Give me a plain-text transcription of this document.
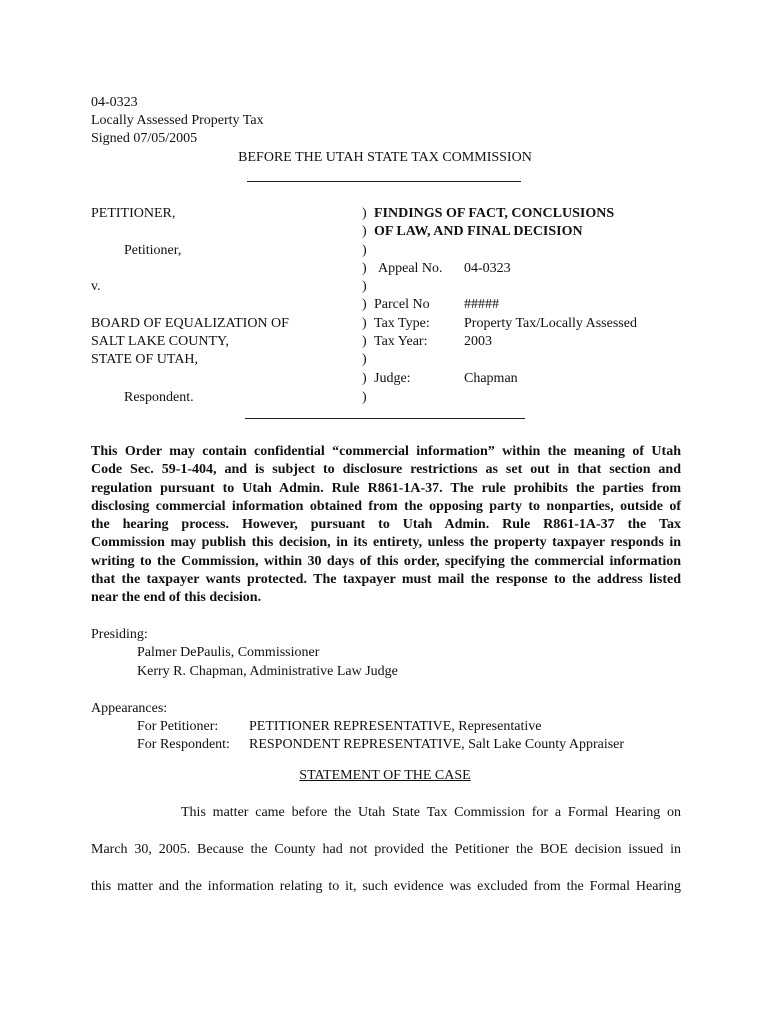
04-0323
Locally Assessed Property Tax
Signed 07/05/2005
BEFORE THE UTAH STATE TAX COMMISSION
PETITIONER,
Petitioner,
v.
BOARD OF EQUALIZATION OF
SALT LAKE COUNTY,
STATE OF UTAH,
Respondent.
)
)
)
)
)
)
)
)
)
)
)
FINDINGS OF FACT, CONCLUSIONS
OF LAW, AND FINAL DECISION
Appeal No. 04-0323
Parcel No #####
Tax Type: Property Tax/Locally Assessed
Tax Year:	2003
Judge:	Chapman
This Order may contain confidential “commercial information” within the meaning of Utah
Code Sec. 59-1-404, and is subject to disclosure restrictions as set out in that section and
regulation pursuant to Utah Admin. Rule R861-1A-37. The rule prohibits the parties from
disclosing commercial information obtained from the opposing party to nonparties, outside of
the hearing process. However, pursuant to Utah Admin. Rule R861-1A-37 the Tax
Commission may publish this decision, in its entirety, unless the property taxpayer responds in
writing to the Commission, within 30 days of this order, specifying the commercial information
that the taxpayer wants protected. The taxpayer must mail the response to the address listed
near the end of this decision.
Presiding:
Palmer DePaulis, Commissioner
Kerry R. Chapman, Administrative Law Judge
Appearances:
For Petitioner: PETITIONER REPRESENTATIVE, Representative
For Respondent: RESPONDENT REPRESENTATIVE, Salt Lake County Appraiser
STATEMENT OF THE CASE
This matter came before the Utah State Tax Commission for a Formal Hearing on
March 30, 2005. Because the County had not provided the Petitioner the BOE decision issued in
this matter and the information relating to it, such evidence was excluded from the Formal Hearing
